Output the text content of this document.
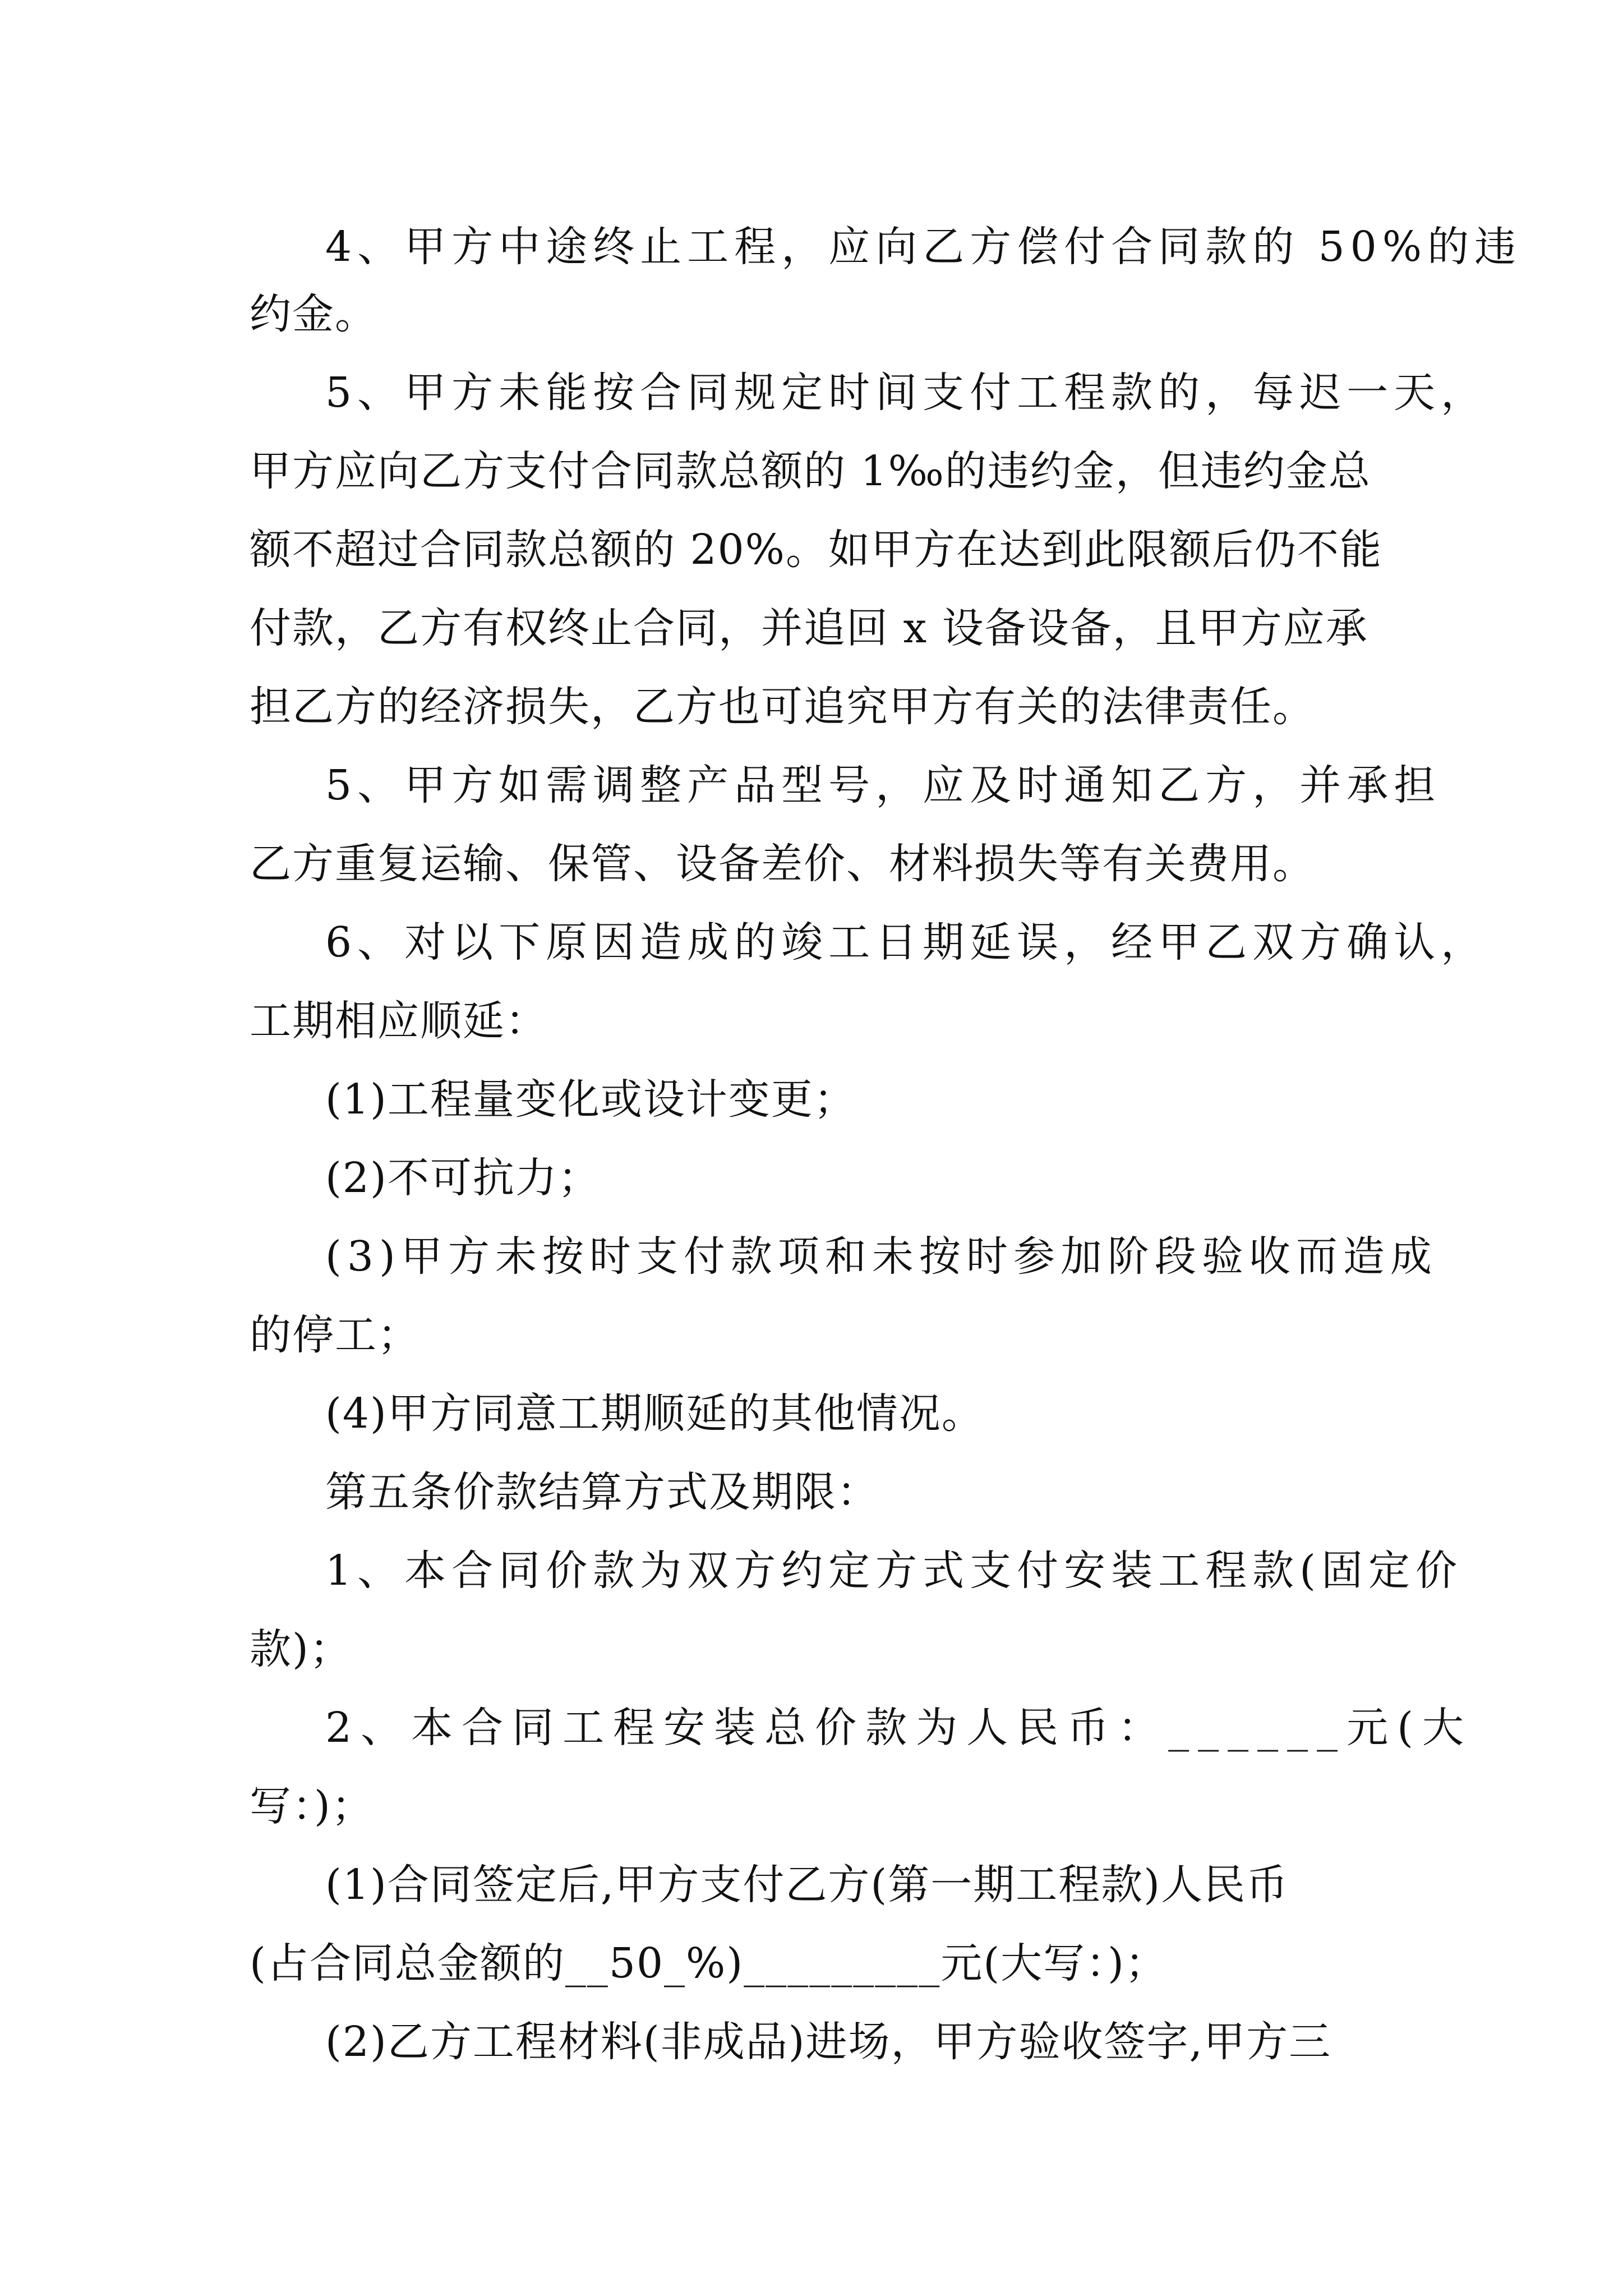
4、甲方中途终止工程，应向乙方偿付合同款的 50%的违
约金。
5、甲方未能按合同规定时间支付工程款的，每迟一天，
甲方应向乙方支付合同款总额的 1‰的违约金，但违约金总
额不超过合同款总额的 20%。如甲方在达到此限额后仍不能
付款，乙方有权终止合同，并追回 x 设备设备，且甲方应承
担乙方的经济损失，乙方也可追究甲方有关的法律责任。
5、甲方如需调整产品型号，应及时通知乙方，并承担
乙方重复运输、保管、设备差价、材料损失等有关费用。
6、对以下原因造成的竣工日期延误，经甲乙双方确认，
工期相应顺延：
(1)工程量变化或设计变更；
(2)不可抗力；
(3)甲方未按时支付款项和未按时参加阶段验收而造成
的停工；
(4)甲方同意工期顺延的其他情况。
第五条价款结算方式及期限：
1、本合同价款为双方约定方式支付安装工程款(固定价
款)；
2、本合同工程安装总价款为人民币：______元(大
写：)；
(1)合同签定后,甲方支付乙方(第一期工程款)人民币
(占合同总金额的__50_%)_________元(大写：)；
(2)乙方工程材料(非成品)进场，甲方验收签字,甲方三
